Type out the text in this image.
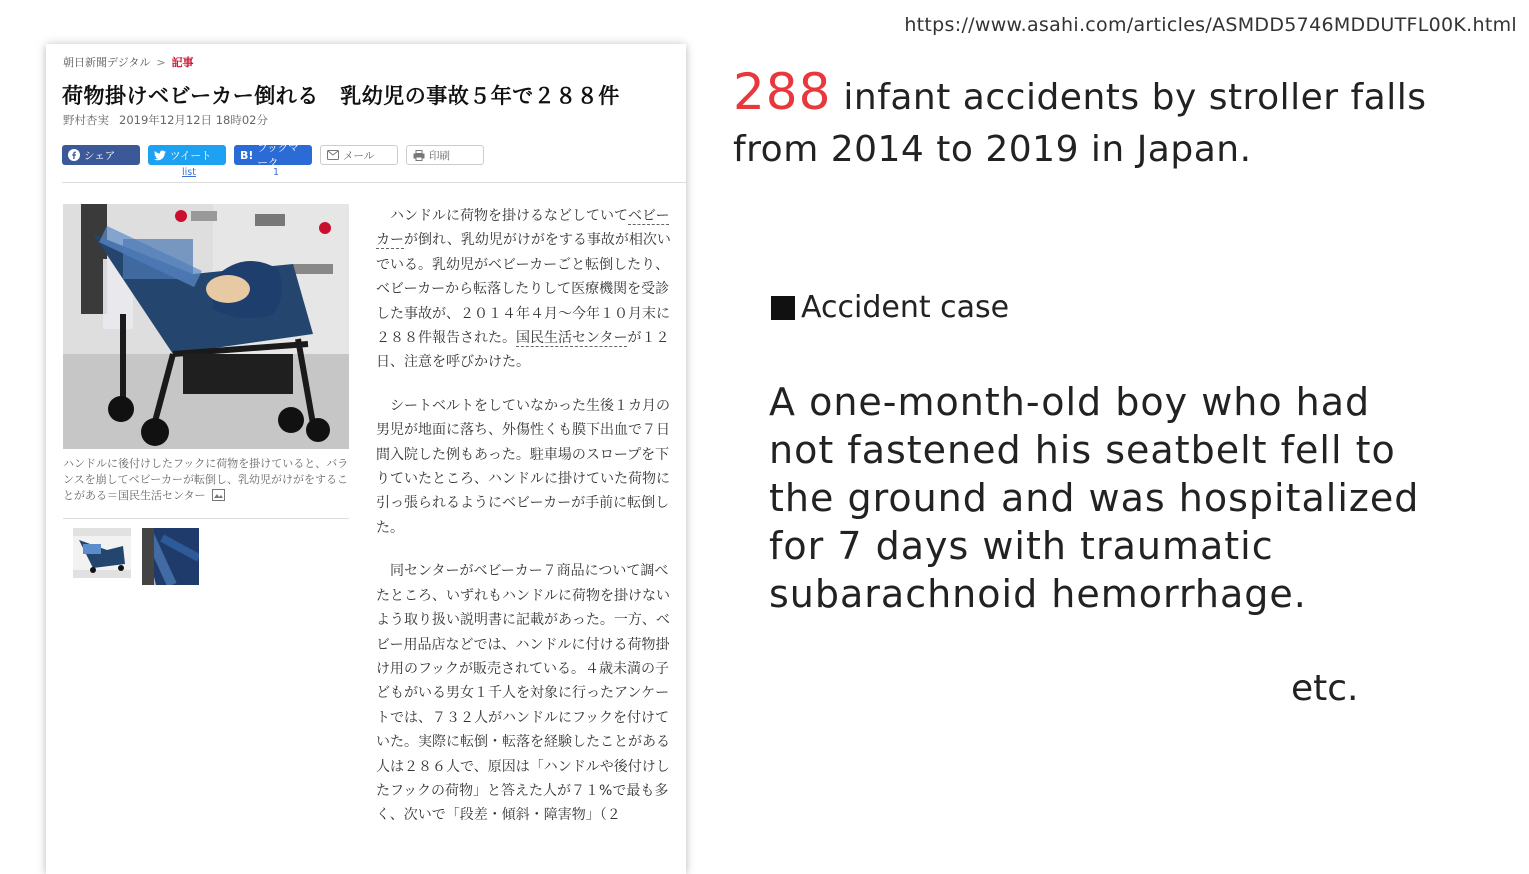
https://www.asahi.com/articles/ASMDD5746MDDUTFL00K.html
朝日新聞デジタル > 記事
荷物掛けベビーカー倒れる　乳幼児の事故５年で２８８件
野村杏実 2019年12月12日 18時02分
シェア	ツイート
list
B!
ブックマーク
1
メール	印刷
ハンドルに後付けしたフックに荷物を掛けていると、バランスを崩してベビーカーが転倒し、乳幼児がけがをすることがある＝国民生活センター

ハンドルに荷物を掛けるなどしていてベビーカーが倒れ、乳幼児がけがをする事故が相次いでいる。乳幼児がベビーカーごと転倒したり、ベビーカーから転落したりして医療機関を受診した事故が、２０１４年４月～今年１０月末に２８８件報告された。国民生活センターが１２日、注意を呼びかけた。

シートベルトをしていなかった生後１カ月の男児が地面に落ち、外傷性くも膜下出血で７日間入院した例もあった。駐車場のスロープを下りていたところ、ハンドルに掛けていた荷物に引っ張られるようにベビーカーが手前に転倒した。

同センターがベビーカー７商品について調べたところ、いずれもハンドルに荷物を掛けないよう取り扱い説明書に記載があった。一方、ベビー用品店などでは、ハンドルに付ける荷物掛け用のフックが販売されている。４歳未満の子どもがいる男女１千人を対象に行ったアンケートでは、７３２人がハンドルにフックを付けていた。実際に転倒・転落を経験したことがある人は２８６人で、原因は「ハンドルや後付けしたフックの荷物」と答えた人が７１%で最も多く、次いで「段差・傾斜・障害物」（２

288 infant accidents by stroller falls from 2014 to 2019 in Japan.
Accident case
A one-month-old boy who had not fastened his seatbelt fell to the ground and was hospitalized for 7 days with traumatic subarachnoid hemorrhage.
etc.
